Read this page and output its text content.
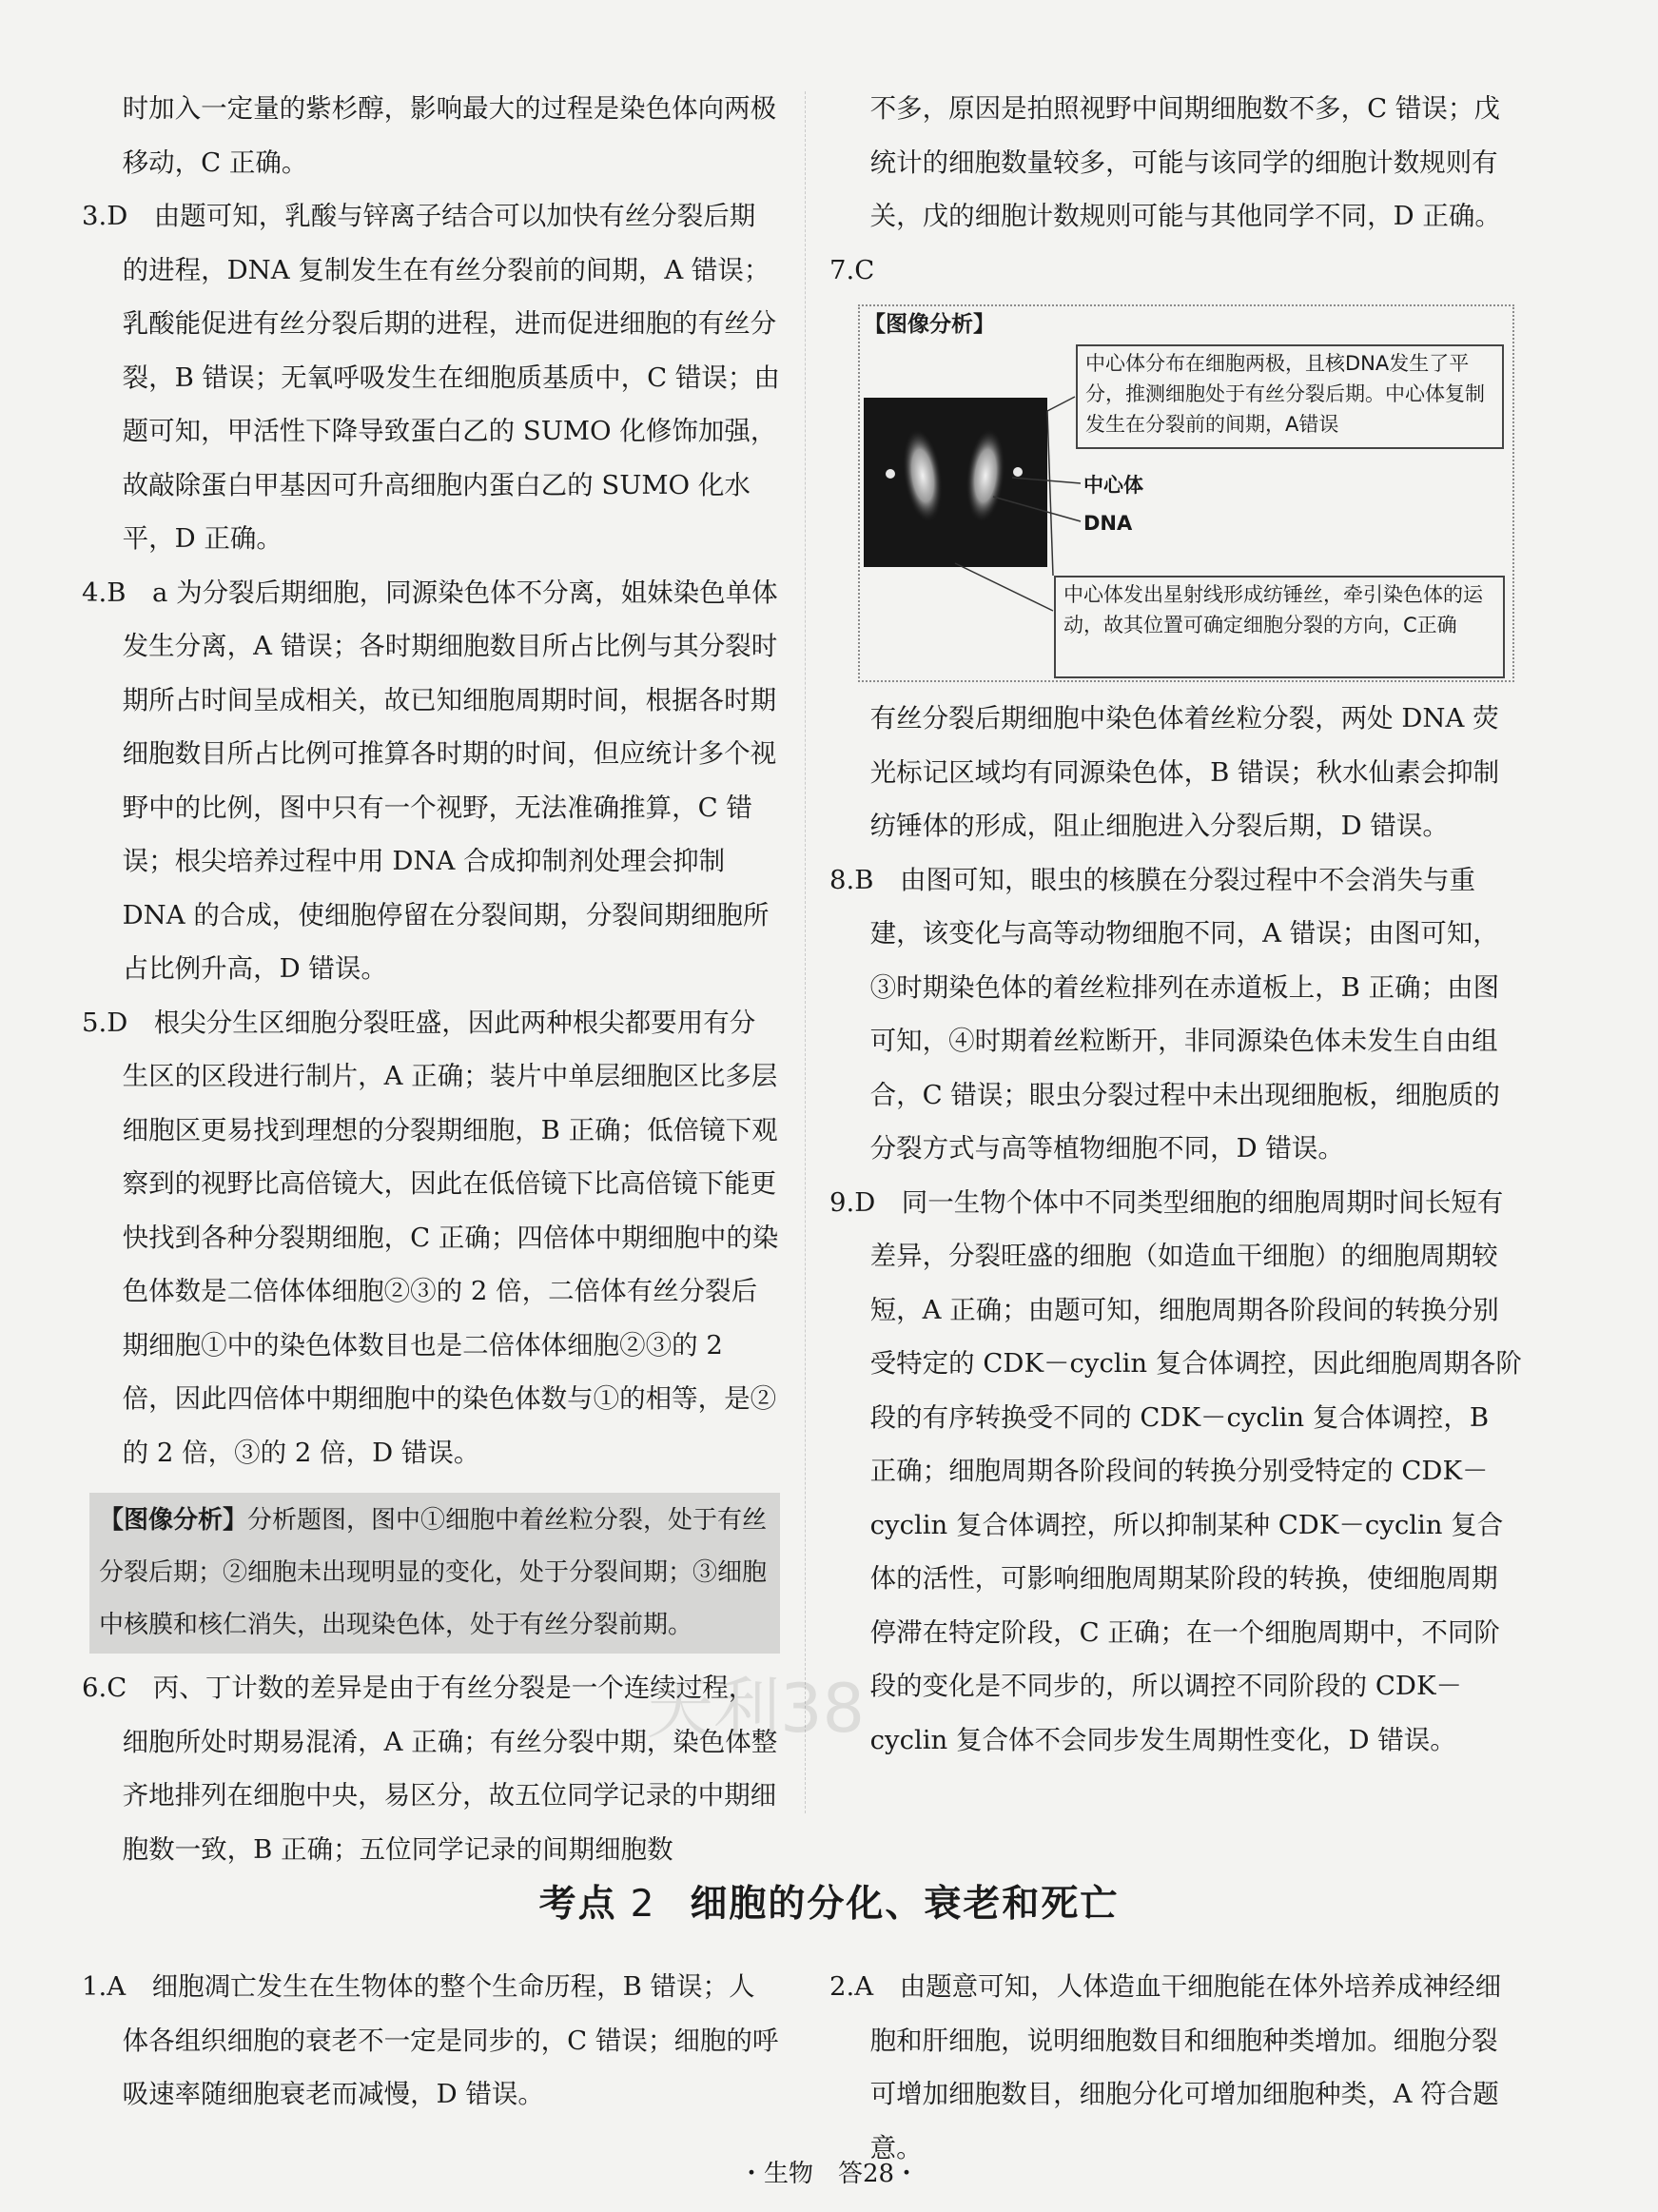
时加入一定量的紫杉醇，影响最大的过程是染色体向两极移动，C 正确。

3.D　由题可知，乳酸与锌离子结合可以加快有丝分裂后期的进程，DNA 复制发生在有丝分裂前的间期，A 错误；乳酸能促进有丝分裂后期的进程，进而促进细胞的有丝分裂，B 错误；无氧呼吸发生在细胞质基质中，C 错误；由题可知，甲活性下降导致蛋白乙的 SUMO 化修饰加强，故敲除蛋白甲基因可升高细胞内蛋白乙的 SUMO 化水平，D 正确。

4.B　a 为分裂后期细胞，同源染色体不分离，姐妹染色单体发生分离，A 错误；各时期细胞数目所占比例与其分裂时期所占时间呈成相关，故已知细胞周期时间，根据各时期细胞数目所占比例可推算各时期的时间，但应统计多个视野中的比例，图中只有一个视野，无法准确推算，C 错误；根尖培养过程中用 DNA 合成抑制剂处理会抑制 DNA 的合成，使细胞停留在分裂间期，分裂间期细胞所占比例升高，D 错误。

5.D　根尖分生区细胞分裂旺盛，因此两种根尖都要用有分生区的区段进行制片，A 正确；装片中单层细胞区比多层细胞区更易找到理想的分裂期细胞，B 正确；低倍镜下观察到的视野比高倍镜大，因此在低倍镜下比高倍镜下能更快找到各种分裂期细胞，C 正确；四倍体中期细胞中的染色体数是二倍体体细胞②③的 2 倍，二倍体有丝分裂后期细胞①中的染色体数目也是二倍体体细胞②③的 2 倍，因此四倍体中期细胞中的染色体数与①的相等，是②的 2 倍，③的 2 倍，D 错误。

【图像分析】分析题图，图中①细胞中着丝粒分裂，处于有丝分裂后期；②细胞未出现明显的变化，处于分裂间期；③细胞中核膜和核仁消失，出现染色体，处于有丝分裂前期。

6.C　丙、丁计数的差异是由于有丝分裂是一个连续过程，细胞所处时期易混淆，A 正确；有丝分裂中期，染色体整齐地排列在细胞中央，易区分，故五位同学记录的中期细胞数一致，B 正确；五位同学记录的间期细胞数

不多，原因是拍照视野中间期细胞数不多，C 错误；戊统计的细胞数量较多，可能与该同学的细胞计数规则有关，戊的细胞计数规则可能与其他同学不同，D 正确。

7.C

【图像分析】
中心体分布在细胞两极，且核DNA发生了平分，推测细胞处于有丝分裂后期。中心体复制发生在分裂前的间期，A错误
中心体
DNA
中心体发出星射线形成纺锤丝，牵引染色体的运动，故其位置可确定细胞分裂的方向，C正确

有丝分裂后期细胞中染色体着丝粒分裂，两处 DNA 荧光标记区域均有同源染色体，B 错误；秋水仙素会抑制纺锤体的形成，阻止细胞进入分裂后期，D 错误。

8.B　由图可知，眼虫的核膜在分裂过程中不会消失与重建，该变化与高等动物细胞不同，A 错误；由图可知，③时期染色体的着丝粒排列在赤道板上，B 正确；由图可知，④时期着丝粒断开，非同源染色体未发生自由组合，C 错误；眼虫分裂过程中未出现细胞板，细胞质的分裂方式与高等植物细胞不同，D 错误。

9.D　同一生物个体中不同类型细胞的细胞周期时间长短有差异，分裂旺盛的细胞（如造血干细胞）的细胞周期较短，A 正确；由题可知，细胞周期各阶段间的转换分别受特定的 CDK－cyclin 复合体调控，因此细胞周期各阶段的有序转换受不同的 CDK－cyclin 复合体调控，B 正确；细胞周期各阶段间的转换分别受特定的 CDK－cyclin 复合体调控，所以抑制某种 CDK－cyclin 复合体的活性，可影响细胞周期某阶段的转换，使细胞周期停滞在特定阶段，C 正确；在一个细胞周期中，不同阶段的变化是不同步的，所以调控不同阶段的 CDK－cyclin 复合体不会同步发生周期性变化，D 错误。

天利38
考点 2 细胞的分化、衰老和死亡

1.A　细胞凋亡发生在生物体的整个生命历程，B 错误；人体各组织细胞的衰老不一定是同步的，C 错误；细胞的呼吸速率随细胞衰老而减慢，D 错误。

2.A　由题意可知，人体造血干细胞能在体外培养成神经细胞和肝细胞，说明细胞数目和细胞种类增加。细胞分裂可增加细胞数目，细胞分化可增加细胞种类，A 符合题意。

・生物　答28・
